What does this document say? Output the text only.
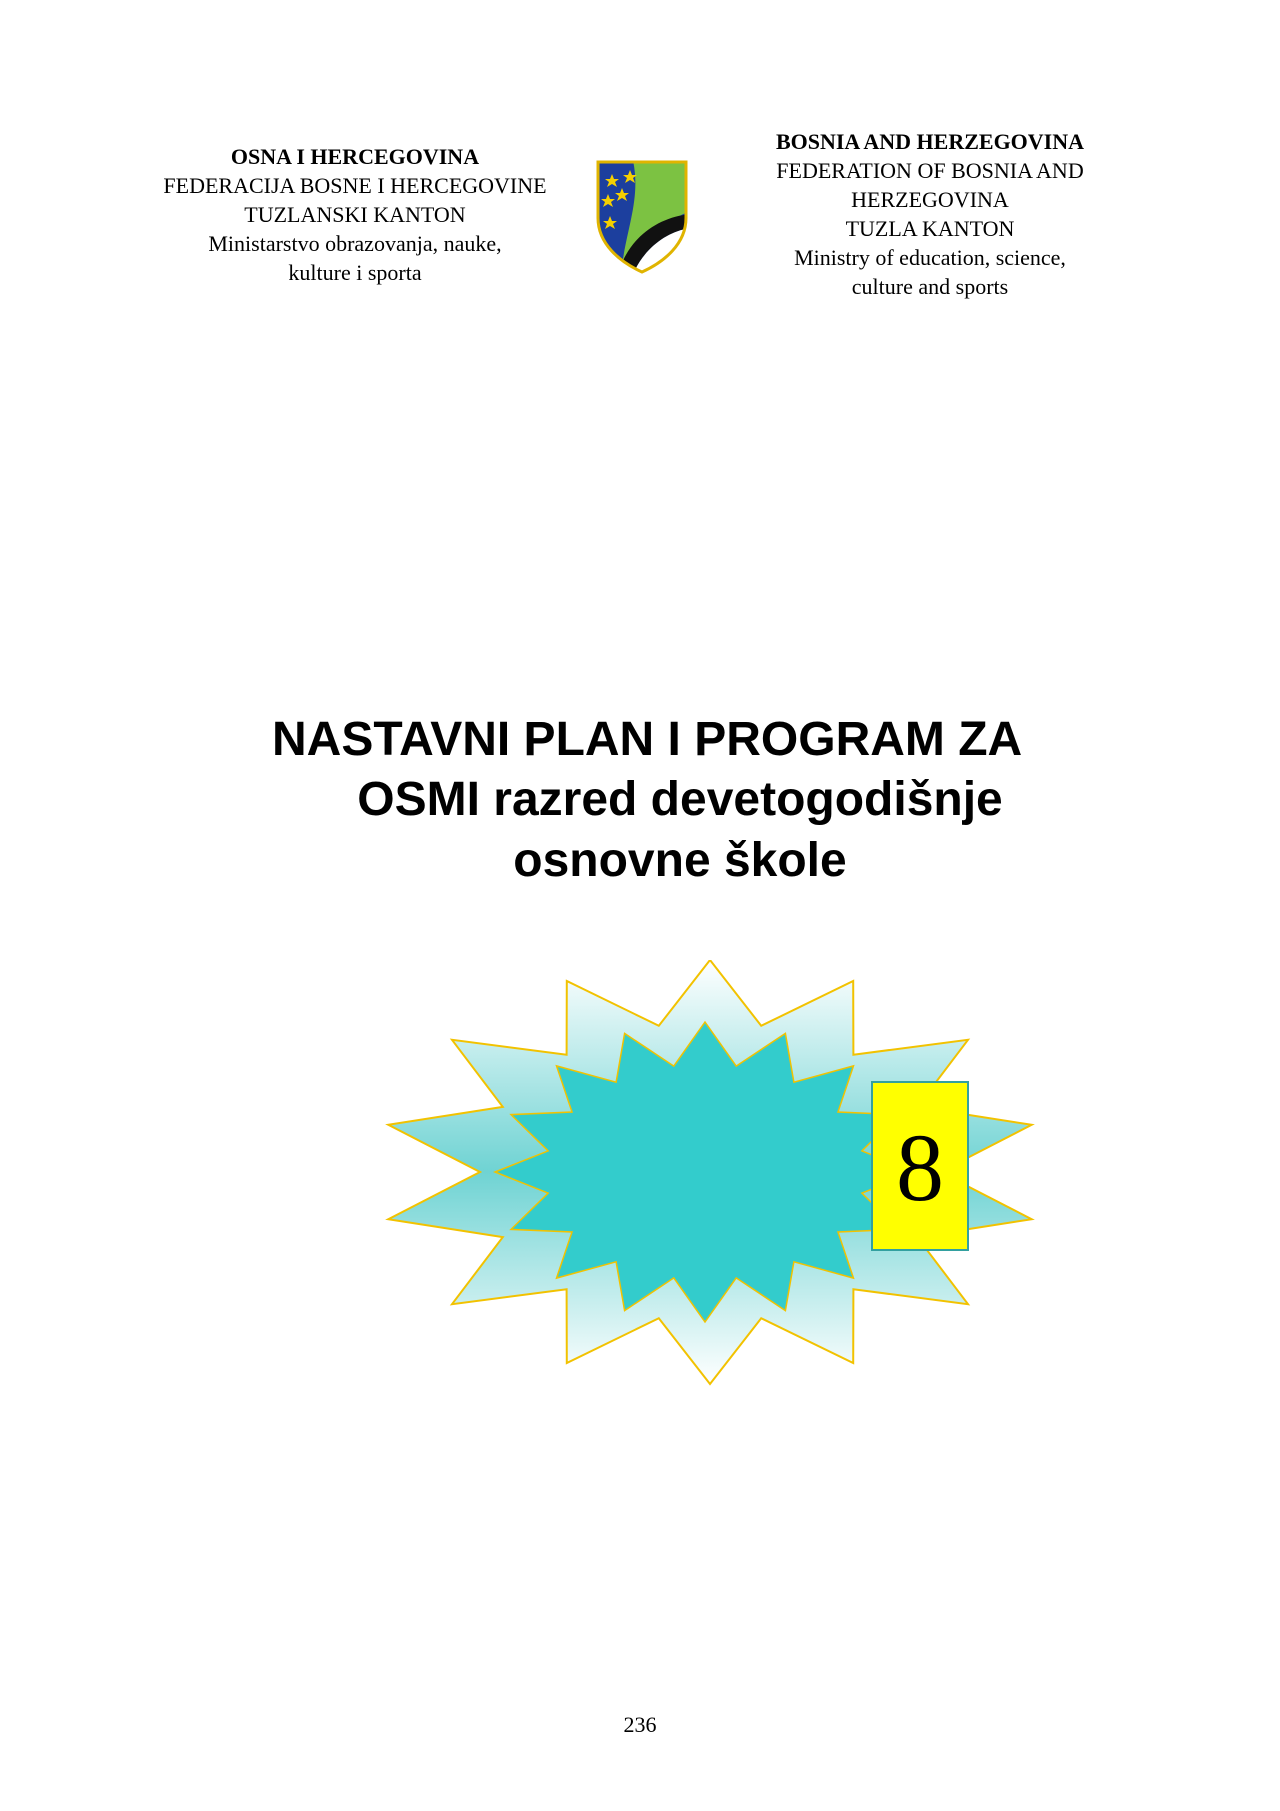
OSNA I HERCEGOVINA
FEDERACIJA BOSNE I HERCEGOVINE
TUZLANSKI KANTON
Ministarstvo obrazovanja, nauke,
kulture i sporta
BOSNIA AND HERZEGOVINA
FEDERATION OF BOSNIA AND
HERZEGOVINA
TUZLA KANTON
Ministry of education, science,
culture and sports
NASTAVNI PLAN I PROGRAM ZA
OSMI razred devetogodišnje
osnovne škole
8
236
